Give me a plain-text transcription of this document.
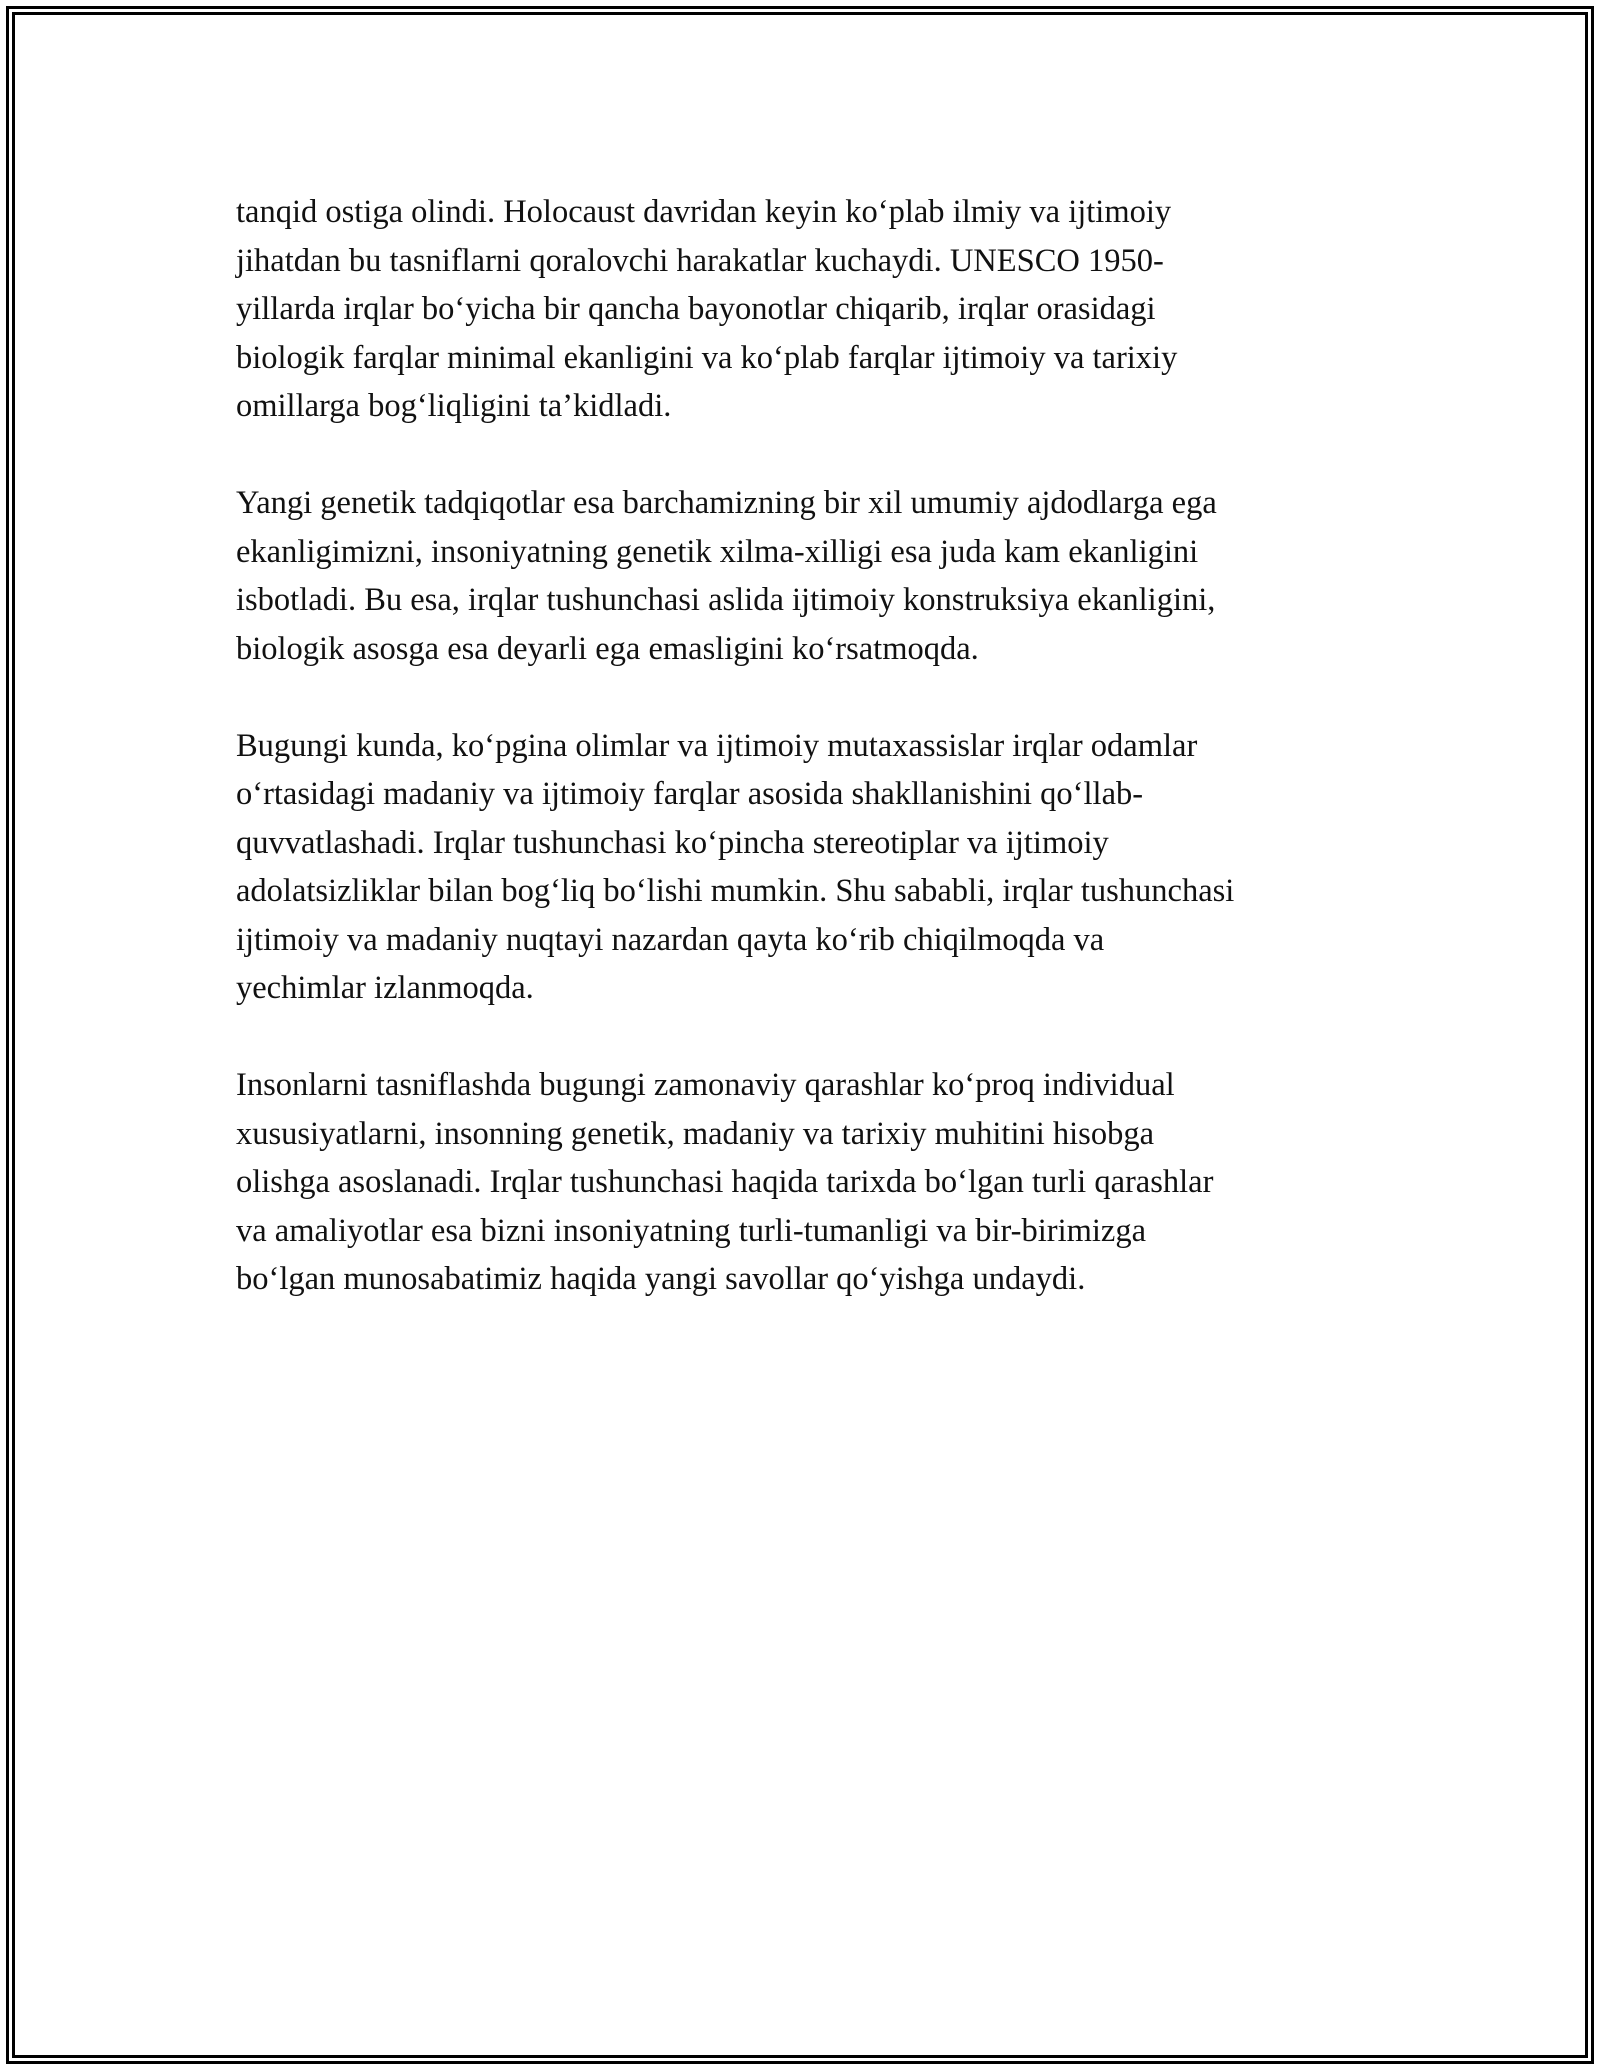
tanqid ostiga olindi. Holocaust davridan keyin ko‘plab ilmiy va ijtimoiy
jihatdan bu tasniflarni qoralovchi harakatlar kuchaydi. UNESCO 1950-
yillarda irqlar bo‘yicha bir qancha bayonotlar chiqarib, irqlar orasidagi
biologik farqlar minimal ekanligini va ko‘plab farqlar ijtimoiy va tarixiy
omillarga bog‘liqligini ta’kidladi.

Yangi genetik tadqiqotlar esa barchamizning bir xil umumiy ajdodlarga ega
ekanligimizni, insoniyatning genetik xilma-xilligi esa juda kam ekanligini
isbotladi. Bu esa, irqlar tushunchasi aslida ijtimoiy konstruksiya ekanligini,
biologik asosga esa deyarli ega emasligini ko‘rsatmoqda.

Bugungi kunda, ko‘pgina olimlar va ijtimoiy mutaxassislar irqlar odamlar
o‘rtasidagi madaniy va ijtimoiy farqlar asosida shakllanishini qo‘llab-
quvvatlashadi. Irqlar tushunchasi ko‘pincha stereotiplar va ijtimoiy
adolatsizliklar bilan bog‘liq bo‘lishi mumkin. Shu sababli, irqlar tushunchasi
ijtimoiy va madaniy nuqtayi nazardan qayta ko‘rib chiqilmoqda va
yechimlar izlanmoqda.

Insonlarni tasniflashda bugungi zamonaviy qarashlar ko‘proq individual
xususiyatlarni, insonning genetik, madaniy va tarixiy muhitini hisobga
olishga asoslanadi. Irqlar tushunchasi haqida tarixda bo‘lgan turli qarashlar
va amaliyotlar esa bizni insoniyatning turli-tumanligi va bir-birimizga
bo‘lgan munosabatimiz haqida yangi savollar qo‘yishga undaydi.
